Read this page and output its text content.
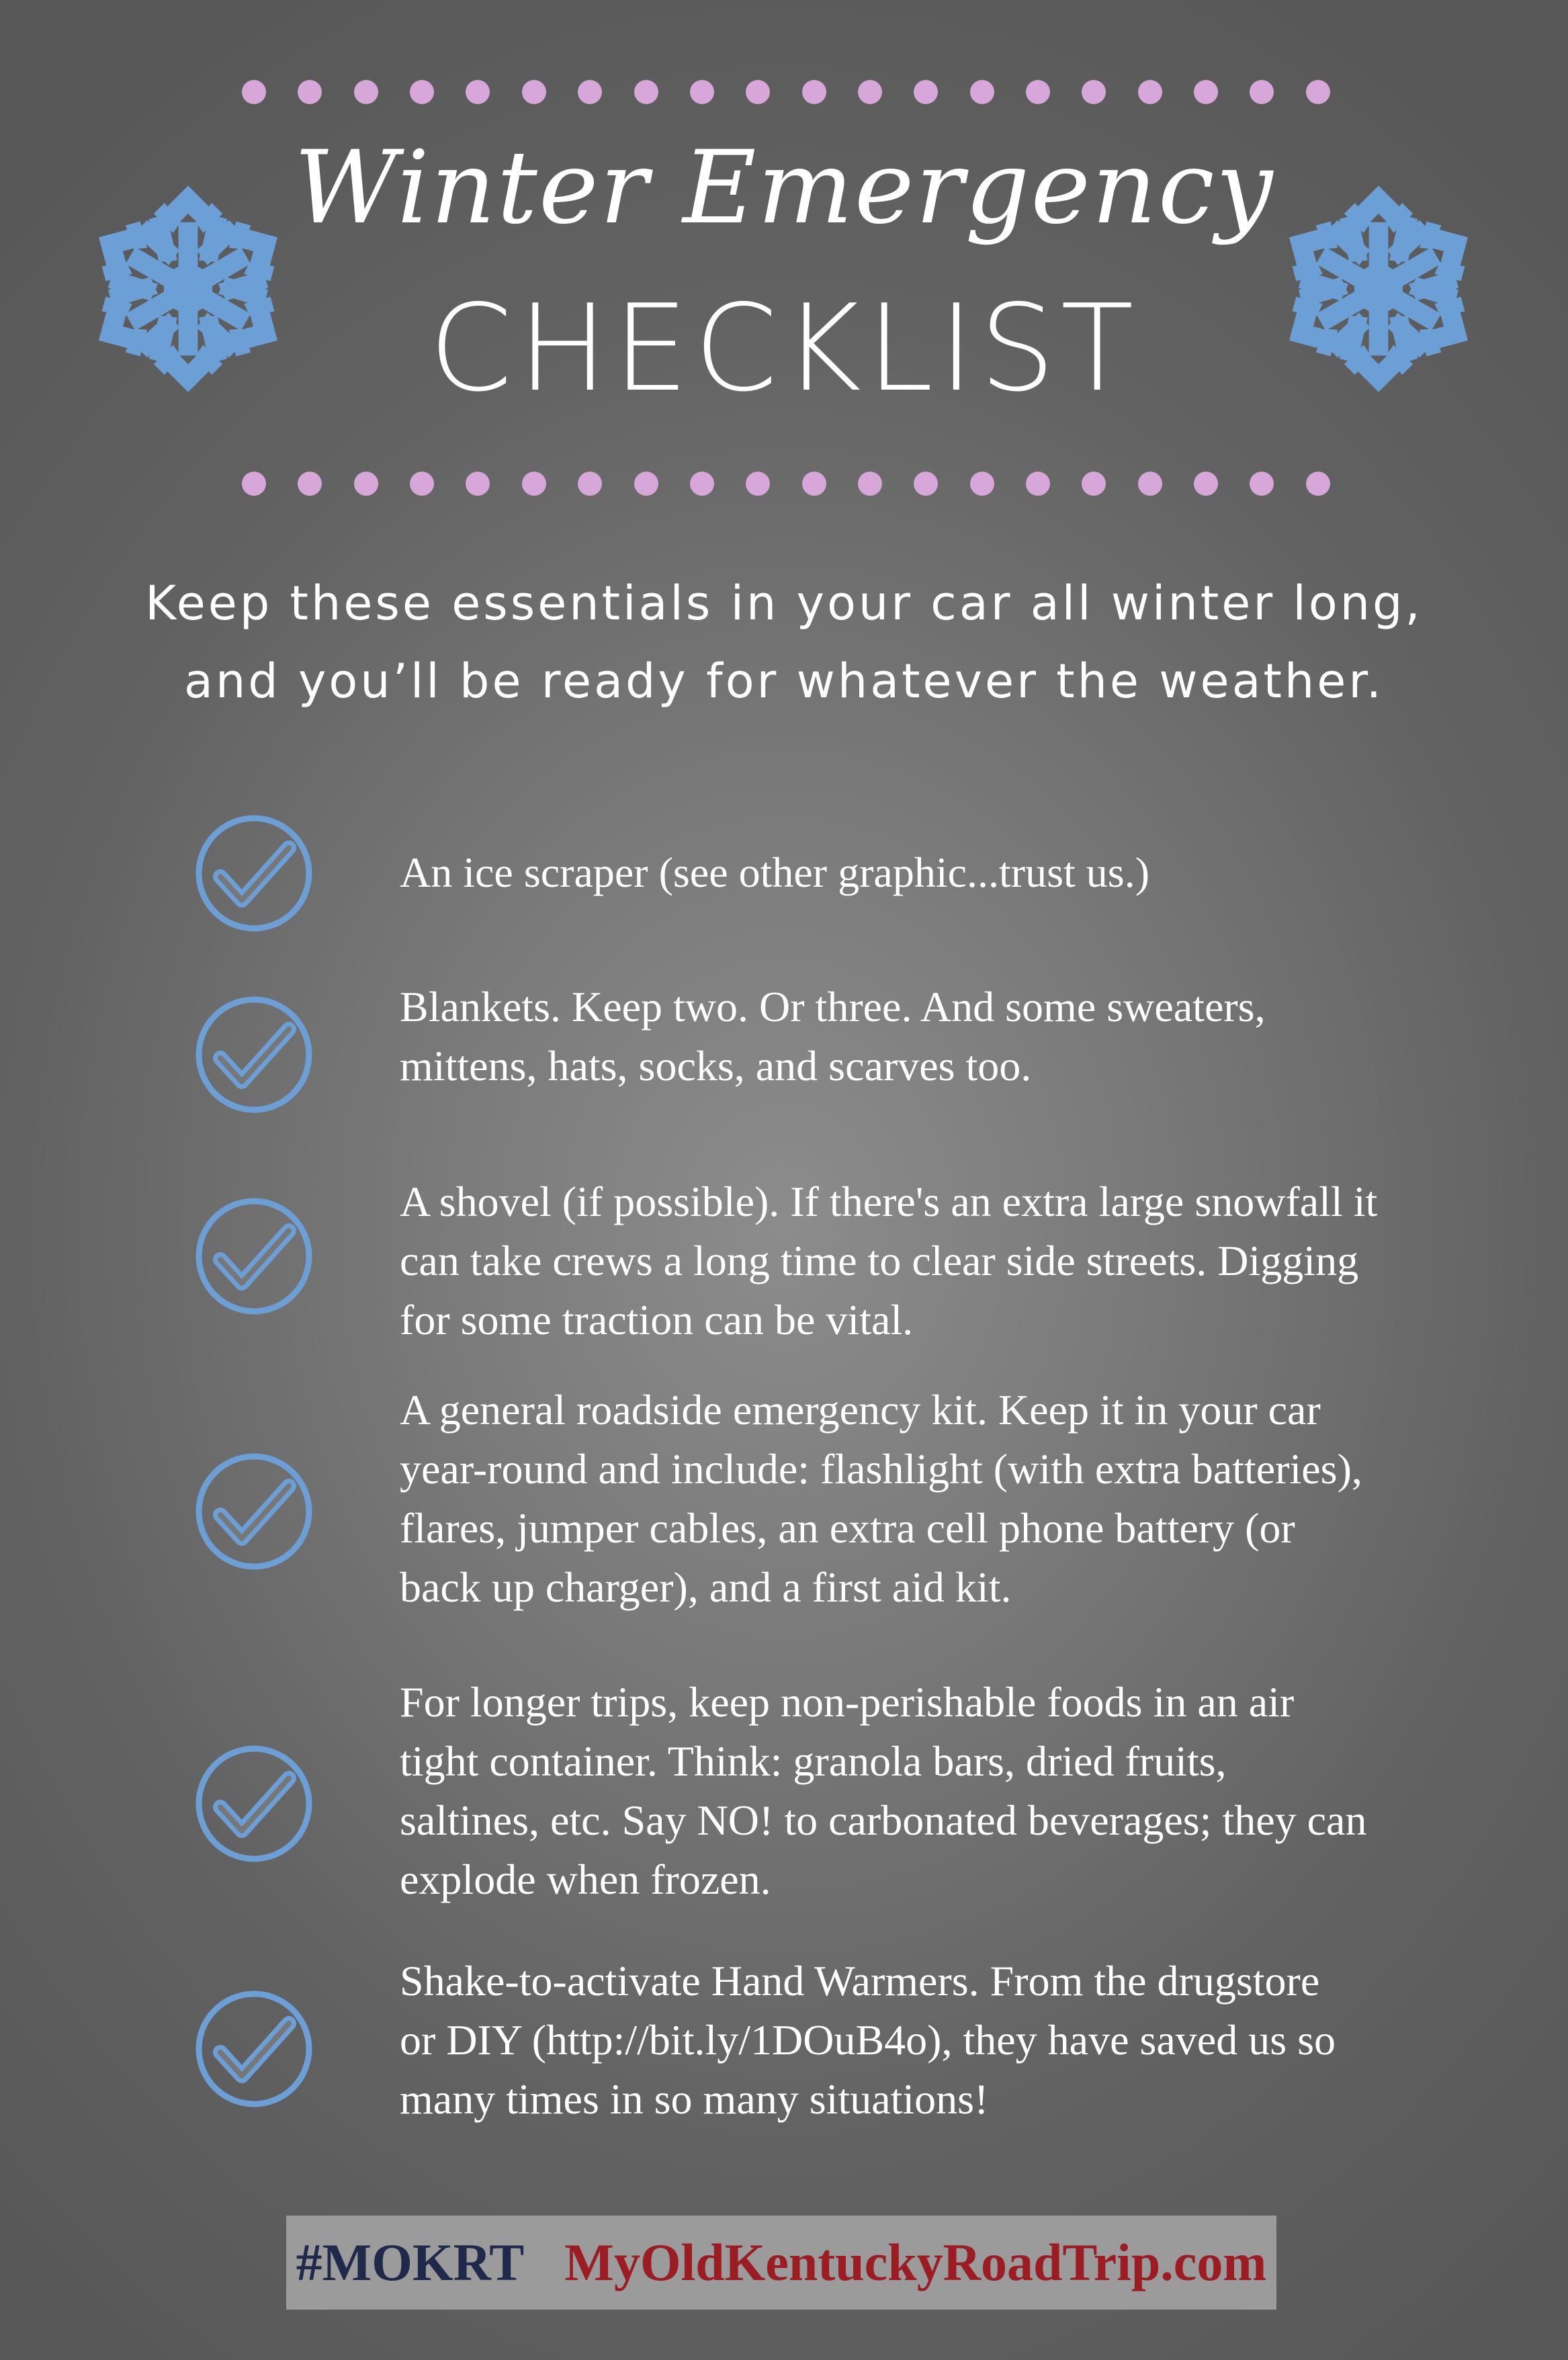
Winter Emergency
CHECKLIST
Keep these essentials in your car all winter long,
and you’ll be ready for whatever the weather.
An ice scraper (see other graphic...trust us.)
Blankets. Keep two. Or three. And some sweaters,
mittens, hats, socks, and scarves too.
A shovel (if possible). If there's an extra large snowfall it
can take crews a long time to clear side streets. Digging
for some traction can be vital.
A general roadside emergency kit. Keep it in your car
year-round and include: flashlight (with extra batteries),
flares, jumper cables, an extra cell phone battery (or
back up charger), and a first aid kit.
For longer trips, keep non-perishable foods in an air
tight container. Think: granola bars, dried fruits,
saltines, etc. Say NO! to carbonated beverages; they can
explode when frozen.
Shake-to-activate Hand Warmers. From the drugstore
or DIY (http://bit.ly/1DOuB4o), they have saved us so
many times in so many situations!
#MOKRT MyOldKentuckyRoadTrip.com
